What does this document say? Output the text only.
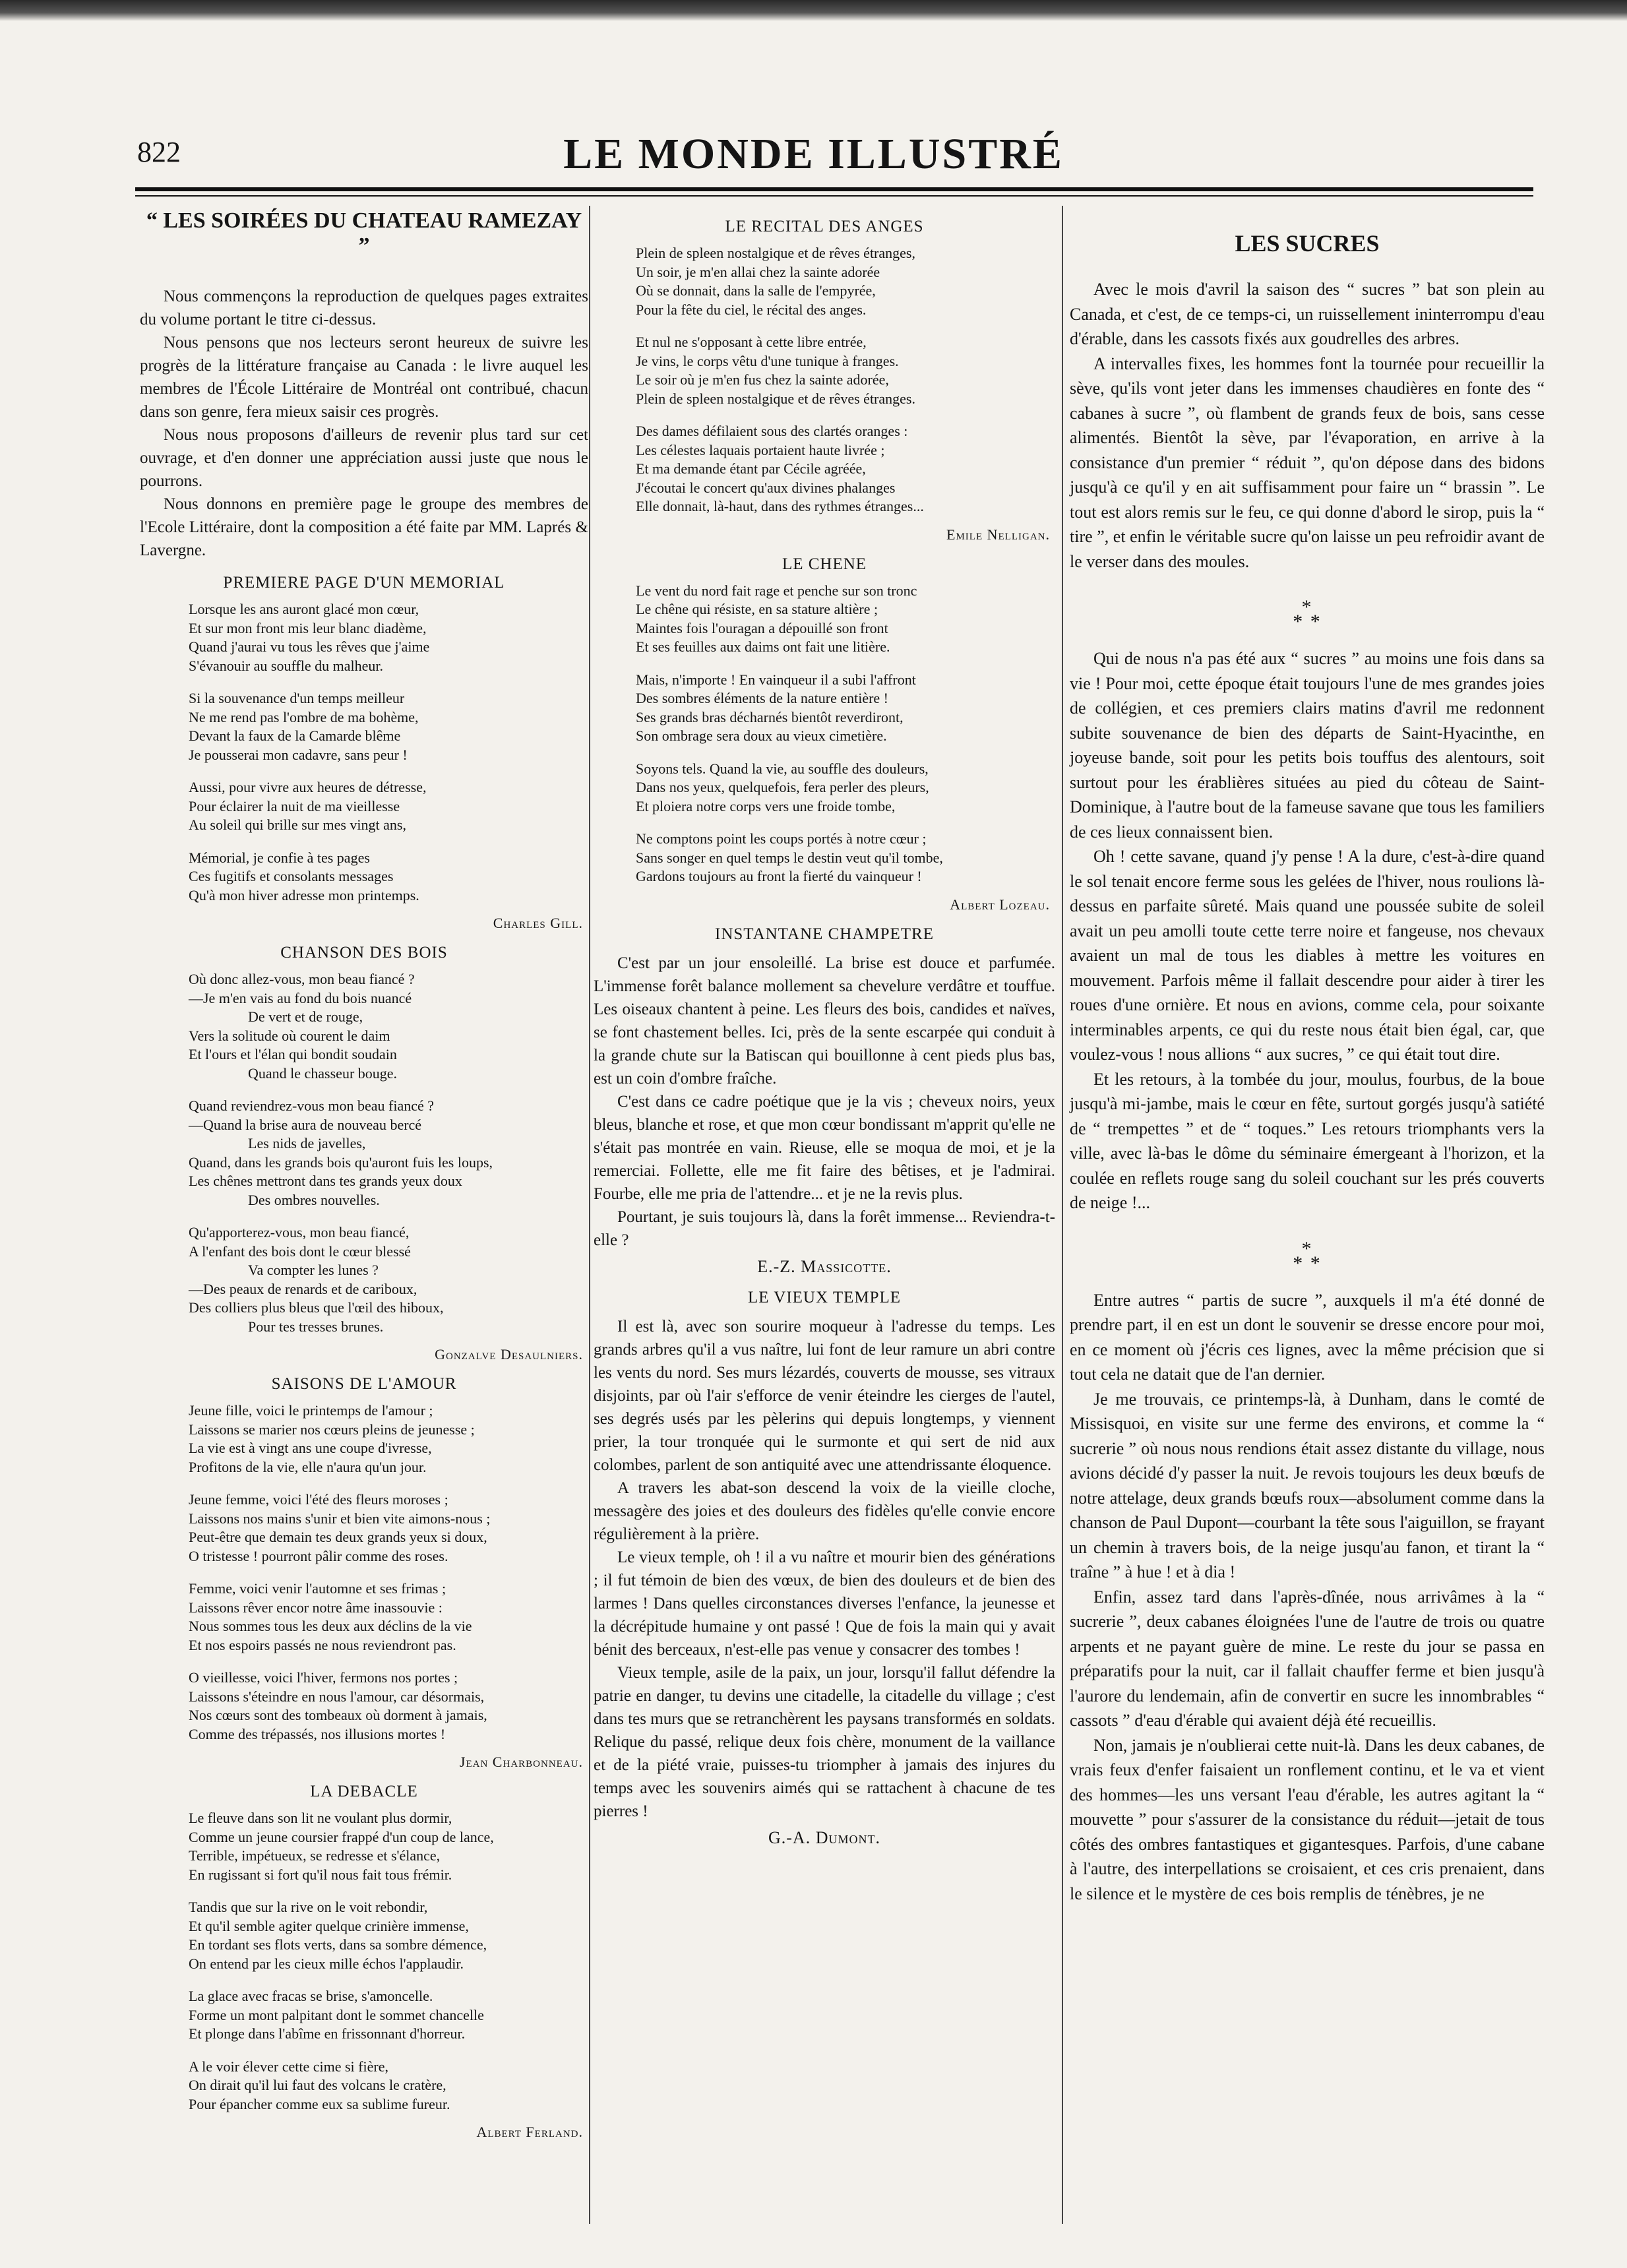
822	LE MONDE ILLUSTRÉ
“ LES SOIRÉES DU CHATEAU RAMEZAY ”

Nous commençons la reproduction de quelques pages extraites du volume portant le titre ci-dessus.

Nous pensons que nos lecteurs seront heureux de suivre les progrès de la littérature française au Canada : le livre auquel les membres de l'École Littéraire de Montréal ont contribué, chacun dans son genre, fera mieux saisir ces progrès.

Nous nous proposons d'ailleurs de revenir plus tard sur cet ouvrage, et d'en donner une appréciation aussi juste que nous le pourrons.

Nous donnons en première page le groupe des membres de l'Ecole Littéraire, dont la composition a été faite par MM. Laprés & Lavergne.

PREMIERE PAGE D'UN MEMORIAL
Lorsque les ans auront glacé mon cœur,
Et sur mon front mis leur blanc diadème,
Quand j'aurai vu tous les rêves que j'aime
S'évanouir au souffle du malheur.
Si la souvenance d'un temps meilleur
Ne me rend pas l'ombre de ma bohème,
Devant la faux de la Camarde blême
Je pousserai mon cadavre, sans peur !
Aussi, pour vivre aux heures de détresse,
Pour éclairer la nuit de ma vieillesse
Au soleil qui brille sur mes vingt ans,
Mémorial, je confie à tes pages
Ces fugitifs et consolants messages
Qu'à mon hiver adresse mon printemps.
Charles Gill.
CHANSON DES BOIS
Où donc allez-vous, mon beau fiancé ?
—Je m'en vais au fond du bois nuancé
De vert et de rouge,
Vers la solitude où courent le daim
Et l'ours et l'élan qui bondit soudain
Quand le chasseur bouge.
Quand reviendrez-vous mon beau fiancé ?
—Quand la brise aura de nouveau bercé
Les nids de javelles,
Quand, dans les grands bois qu'auront fuis les loups,
Les chênes mettront dans tes grands yeux doux
Des ombres nouvelles.
Qu'apporterez-vous, mon beau fiancé,
A l'enfant des bois dont le cœur blessé
Va compter les lunes ?
—Des peaux de renards et de cariboux,
Des colliers plus bleus que l'œil des hiboux,
Pour tes tresses brunes.
Gonzalve Desaulniers.
SAISONS DE L'AMOUR
Jeune fille, voici le printemps de l'amour ;
Laissons se marier nos cœurs pleins de jeunesse ;
La vie est à vingt ans une coupe d'ivresse,
Profitons de la vie, elle n'aura qu'un jour.
Jeune femme, voici l'été des fleurs moroses ;
Laissons nos mains s'unir et bien vite aimons-nous ;
Peut-être que demain tes deux grands yeux si doux,
O tristesse ! pourront pâlir comme des roses.
Femme, voici venir l'automne et ses frimas ;
Laissons rêver encor notre âme inassouvie :
Nous sommes tous les deux aux déclins de la vie
Et nos espoirs passés ne nous reviendront pas.
O vieillesse, voici l'hiver, fermons nos portes ;
Laissons s'éteindre en nous l'amour, car désormais,
Nos cœurs sont des tombeaux où dorment à jamais,
Comme des trépassés, nos illusions mortes !
Jean Charbonneau.
LA DEBACLE
Le fleuve dans son lit ne voulant plus dormir,
Comme un jeune coursier frappé d'un coup de lance,
Terrible, impétueux, se redresse et s'élance,
En rugissant si fort qu'il nous fait tous frémir.
Tandis que sur la rive on le voit rebondir,
Et qu'il semble agiter quelque crinière immense,
En tordant ses flots verts, dans sa sombre démence,
On entend par les cieux mille échos l'applaudir.
La glace avec fracas se brise, s'amoncelle.
Forme un mont palpitant dont le sommet chancelle
Et plonge dans l'abîme en frissonnant d'horreur.
A le voir élever cette cime si fière,
On dirait qu'il lui faut des volcans le cratère,
Pour épancher comme eux sa sublime fureur.
Albert Ferland.
LE RECITAL DES ANGES
Plein de spleen nostalgique et de rêves étranges,
Un soir, je m'en allai chez la sainte adorée
Où se donnait, dans la salle de l'empyrée,
Pour la fête du ciel, le récital des anges.
Et nul ne s'opposant à cette libre entrée,
Je vins, le corps vêtu d'une tunique à franges.
Le soir où je m'en fus chez la sainte adorée,
Plein de spleen nostalgique et de rêves étranges.
Des dames défilaient sous des clartés oranges :
Les célestes laquais portaient haute livrée ;
Et ma demande étant par Cécile agréée,
J'écoutai le concert qu'aux divines phalanges
Elle donnait, là-haut, dans des rythmes étranges...
Emile Nelligan.
LE CHENE
Le vent du nord fait rage et penche sur son tronc
Le chêne qui résiste, en sa stature altière ;
Maintes fois l'ouragan a dépouillé son front
Et ses feuilles aux daims ont fait une litière.
Mais, n'importe ! En vainqueur il a subi l'affront
Des sombres éléments de la nature entière !
Ses grands bras décharnés bientôt reverdiront,
Son ombrage sera doux au vieux cimetière.
Soyons tels. Quand la vie, au souffle des douleurs,
Dans nos yeux, quelquefois, fera perler des pleurs,
Et ploiera notre corps vers une froide tombe,
Ne comptons point les coups portés à notre cœur ;
Sans songer en quel temps le destin veut qu'il tombe,
Gardons toujours au front la fierté du vainqueur !
Albert Lozeau.
INSTANTANE CHAMPETRE

C'est par un jour ensoleillé. La brise est douce et parfumée. L'immense forêt balance mollement sa chevelure verdâtre et touffue. Les oiseaux chantent à peine. Les fleurs des bois, candides et naïves, se font chastement belles. Ici, près de la sente escarpée qui conduit à la grande chute sur la Batiscan qui bouillonne à cent pieds plus bas, est un coin d'ombre fraîche.

C'est dans ce cadre poétique que je la vis ; cheveux noirs, yeux bleus, blanche et rose, et que mon cœur bondissant m'apprit qu'elle ne s'était pas montrée en vain. Rieuse, elle se moqua de moi, et je la remerciai. Follette, elle me fit faire des bêtises, et je l'admirai. Fourbe, elle me pria de l'attendre... et je ne la revis plus.

Pourtant, je suis toujours là, dans la forêt immense... Reviendra-t-elle ?

E.-Z. Massicotte.
LE VIEUX TEMPLE

Il est là, avec son sourire moqueur à l'adresse du temps. Les grands arbres qu'il a vus naître, lui font de leur ramure un abri contre les vents du nord. Ses murs lézardés, couverts de mousse, ses vitraux disjoints, par où l'air s'efforce de venir éteindre les cierges de l'autel, ses degrés usés par les pèlerins qui depuis longtemps, y viennent prier, la tour tronquée qui le surmonte et qui sert de nid aux colombes, parlent de son antiquité avec une attendrissante éloquence.

A travers les abat-son descend la voix de la vieille cloche, messagère des joies et des douleurs des fidèles qu'elle convie encore régulièrement à la prière.

Le vieux temple, oh ! il a vu naître et mourir bien des générations ; il fut témoin de bien des vœux, de bien des douleurs et de bien des larmes ! Dans quelles circonstances diverses l'enfance, la jeunesse et la décrépitude humaine y ont passé ! Que de fois la main qui y avait bénit des berceaux, n'est-elle pas venue y consacrer des tombes !

Vieux temple, asile de la paix, un jour, lorsqu'il fallut défendre la patrie en danger, tu devins une citadelle, la citadelle du village ; c'est dans tes murs que se retranchèrent les paysans transformés en soldats. Relique du passé, relique deux fois chère, monument de la vaillance et de la piété vraie, puisses-tu triompher à jamais des injures du temps avec les souvenirs aimés qui se rattachent à chacune de tes pierres !

G.-A. Dumont.
LES SUCRES

Avec le mois d'avril la saison des “ sucres ” bat son plein au Canada, et c'est, de ce temps-ci, un ruissellement ininterrompu d'eau d'érable, dans les cassots fixés aux goudrelles des arbres.

A intervalles fixes, les hommes font la tournée pour recueillir la sève, qu'ils vont jeter dans les immenses chaudières en fonte des “ cabanes à sucre ”, où flambent de grands feux de bois, sans cesse alimentés. Bientôt la sève, par l'évaporation, en arrive à la consistance d'un premier “ réduit ”, qu'on dépose dans des bidons jusqu'à ce qu'il y en ait suffisamment pour faire un “ brassin ”. Le tout est alors remis sur le feu, ce qui donne d'abord le sirop, puis la “ tire ”, et enfin le véritable sucre qu'on laisse un peu refroidir avant de le verser dans des moules.

*
* *

Qui de nous n'a pas été aux “ sucres ” au moins une fois dans sa vie ! Pour moi, cette époque était toujours l'une de mes grandes joies de collégien, et ces premiers clairs matins d'avril me redonnent subite souvenance de bien des départs de Saint-Hyacinthe, en joyeuse bande, soit pour les petits bois touffus des alentours, soit surtout pour les érablières situées au pied du côteau de Saint-Dominique, à l'autre bout de la fameuse savane que tous les familiers de ces lieux connaissent bien.

Oh ! cette savane, quand j'y pense ! A la dure, c'est-à-dire quand le sol tenait encore ferme sous les gelées de l'hiver, nous roulions là-dessus en parfaite sûreté. Mais quand une poussée subite de soleil avait un peu amolli toute cette terre noire et fangeuse, nos chevaux avaient un mal de tous les diables à mettre les voitures en mouvement. Parfois même il fallait descendre pour aider à tirer les roues d'une ornière. Et nous en avions, comme cela, pour soixante interminables arpents, ce qui du reste nous était bien égal, car, que voulez-vous ! nous allions “ aux sucres, ” ce qui était tout dire.

Et les retours, à la tombée du jour, moulus, fourbus, de la boue jusqu'à mi-jambe, mais le cœur en fête, surtout gorgés jusqu'à satiété de “ trempettes ” et de “ toques.” Les retours triomphants vers la ville, avec là-bas le dôme du séminaire émergeant à l'horizon, et la coulée en reflets rouge sang du soleil couchant sur les prés couverts de neige !...

*
* *

Entre autres “ partis de sucre ”, auxquels il m'a été donné de prendre part, il en est un dont le souvenir se dresse encore pour moi, en ce moment où j'écris ces lignes, avec la même précision que si tout cela ne datait que de l'an dernier.

Je me trouvais, ce printemps-là, à Dunham, dans le comté de Missisquoi, en visite sur une ferme des environs, et comme la “ sucrerie ” où nous nous rendions était assez distante du village, nous avions décidé d'y passer la nuit. Je revois toujours les deux bœufs de notre attelage, deux grands bœufs roux—absolument comme dans la chanson de Paul Dupont—courbant la tête sous l'aiguillon, se frayant un chemin à travers bois, de la neige jusqu'au fanon, et tirant la “ traîne ” à hue ! et à dia !

Enfin, assez tard dans l'après-dînée, nous arrivâmes à la “ sucrerie ”, deux cabanes éloignées l'une de l'autre de trois ou quatre arpents et ne payant guère de mine. Le reste du jour se passa en préparatifs pour la nuit, car il fallait chauffer ferme et bien jusqu'à l'aurore du lendemain, afin de convertir en sucre les innombrables “ cassots ” d'eau d'érable qui avaient déjà été recueillis.

Non, jamais je n'oublierai cette nuit-là. Dans les deux cabanes, de vrais feux d'enfer faisaient un ronflement continu, et le va et vient des hommes—les uns versant l'eau d'érable, les autres agitant la “ mouvette ” pour s'assurer de la consistance du réduit—jetait de tous côtés des ombres fantastiques et gigantesques. Parfois, d'une cabane à l'autre, des interpellations se croisaient, et ces cris prenaient, dans le silence et le mystère de ces bois remplis de ténèbres, je ne
